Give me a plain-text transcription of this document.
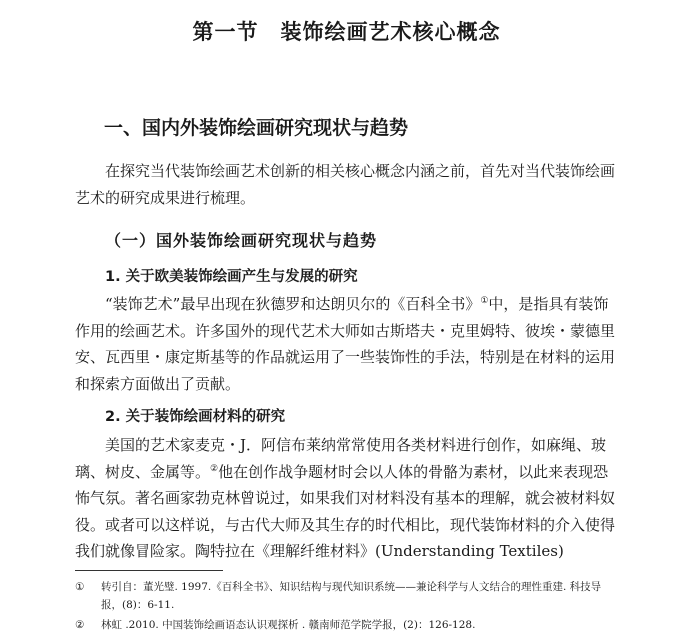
第一节　装饰绘画艺术核心概念
一、国内外装饰绘画研究现状与趋势

在探究当代装饰绘画艺术创新的相关核心概念内涵之前，首先对当代装饰绘画艺术的研究成果进行梳理。

（一）国外装饰绘画研究现状与趋势
1. 关于欧美装饰绘画产生与发展的研究

“装饰艺术”最早出现在狄德罗和达朗贝尔的《百科全书》①中，是指具有装饰作用的绘画艺术。许多国外的现代艺术大师如古斯塔夫・克里姆特、彼埃・蒙德里安、瓦西里・康定斯基等的作品就运用了一些装饰性的手法，特别是在材料的运用和探索方面做出了贡献。

2. 关于装饰绘画材料的研究

美国的艺术家麦克・J．阿信布莱纳常常使用各类材料进行创作，如麻绳、玻璃、树皮、金属等。②他在创作战争题材时会以人体的骨骼为素材，以此来表现恐怖气氛。著名画家勃克林曾说过，如果我们对材料没有基本的理解，就会被材料奴役。或者可以这样说，与古代大师及其生存的时代相比，现代装饰材料的介入使得我们就像冒险家。陶特拉在《理解纤维材料》(Understanding Textiles)

① 转引自：董光璧. 1997.《百科全书》、知识结构与现代知识系统——兼论科学与人文结合的理性重建. 科技导报，(8)：6-11.
② 林虹 .2010. 中国装饰绘画语态认识观探析 . 赣南师范学院学报，(2)：126-128.
